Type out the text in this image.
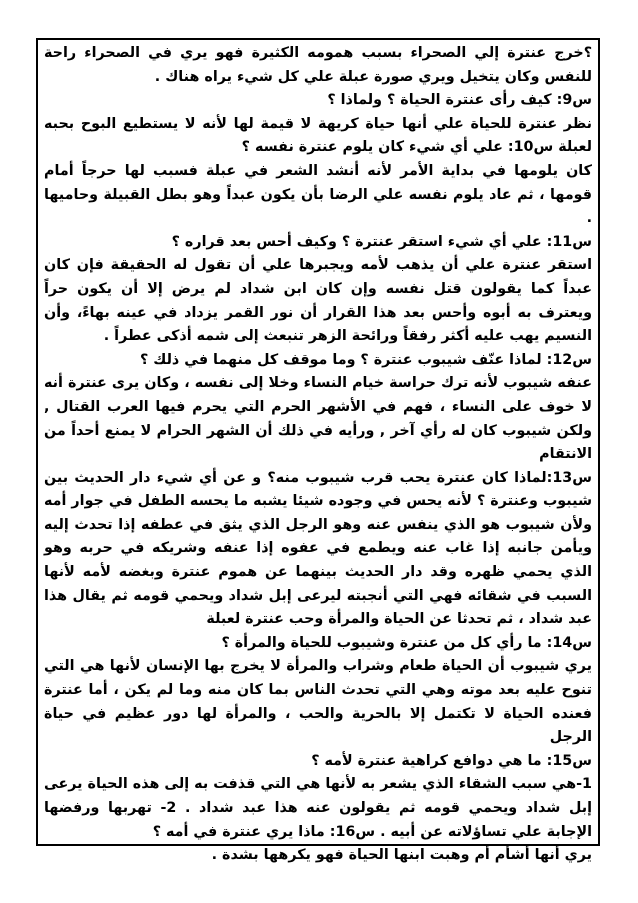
؟خرج عنترة إلي الصحراء بسبب همومه الكثيرة فهو يري في الصحراء راحة للنفس وكان يتخيل ويري صورة عبلة علي كل شيء يراه هناك .

س9: كيف رأى عنترة الحياة ؟ ولماذا ؟

نظر عنترة للحياة علي أنها حياة كريهة لا قيمة لها لأنه لا يستطيع البوح بحبه لعبلة س10: علي أي شيء كان يلوم عنترة نفسه ؟

كان يلومها في بداية الأمر لأنه أنشد الشعر في عبلة فسبب لها حرجاً أمام قومها ، ثم عاد يلوم نفسه علي الرضا بأن يكون عبداً وهو بطل القبيلة وحاميها .

س11: علي أي شيء استقر عنترة ؟ وكيف أحس بعد قراره ؟

استقر عنترة علي أن يذهب لأمه ويجبرها علي أن تقول له الحقيقة فإن كان عبداً كما يقولون قتل نفسه وإن كان ابن شداد لم يرض إلا أن يكون حراً ويعترف به أبوه وأحس بعد هذا القرار أن نور القمر يزداد في عينه بهاءً، وأن النسيم يهب عليه أكثر رفقاً ورائحة الزهر تنبعث إلى شمه أذكى عطراً .

س12: لماذا عنّف شيبوب عنترة ؟ وما موقف كل منهما في ذلك ؟

عنفه شيبوب لأنه ترك حراسة خيام النساء وخلا إلى نفسه ، وكان يرى عنترة أنه لا خوف على النساء ، فهم في الأشهر الحرم التي يحرم فيها العرب القتال , ولكن شيبوب كان له رأي آخر , ورأيه في ذلك أن الشهر الحرام لا يمنع أحداً من الانتقام

س13:لماذا كان عنترة يحب قرب شيبوب منه؟ و عن أي شيء دار الحديث بين شيبوب وعنترة ؟ لأنه يحس في وجوده شيئا يشبه ما يحسه الطفل في جوار أمه ولأن شيبوب هو الذي ينفس عنه وهو الرجل الذي يثق في عطفه إذا تحدث إليه ويأمن جانبه إذا غاب عنه ويطمع في عفوه إذا عنفه وشريكه في حربه وهو الذي يحمي ظهره وقد دار الحديث بينهما عن هموم عنترة وبغضه لأمه لأنها السبب في شقائه فهي التي أنجبته ليرعى إبل شداد ويحمي قومه ثم يقال هذا عبد شداد ، ثم تحدثا عن الحياة والمرأة وحب عنترة لعبلة

س14: ما رأي كل من عنترة وشيبوب للحياة والمرأة ؟

يري شيبوب أن الحياة طعام وشراب والمرأة لا يخرج بها الإنسان لأنها هي التي تنوح عليه بعد موته وهي التي تحدث الناس بما كان منه وما لم يكن ، أما عنترة فعنده الحياة لا تكتمل إلا بالحرية والحب ، والمرأة لها دور عظيم في حياة الرجل

س15: ما هي دوافع كراهية عنترة لأمه ؟

1-هي سبب الشقاء الذي يشعر به لأنها هي التي قذفت به إلى هذه الحياة يرعى إبل شداد ويحمي قومه ثم يقولون عنه هذا عبد شداد . 2- تهربها ورفضها الإجابة علي تساؤلاته عن أبيه . س16: ماذا يري عنترة في أمه ؟

يري أنها أشأم أم وهبت ابنها الحياة فهو يكرهها بشدة .
